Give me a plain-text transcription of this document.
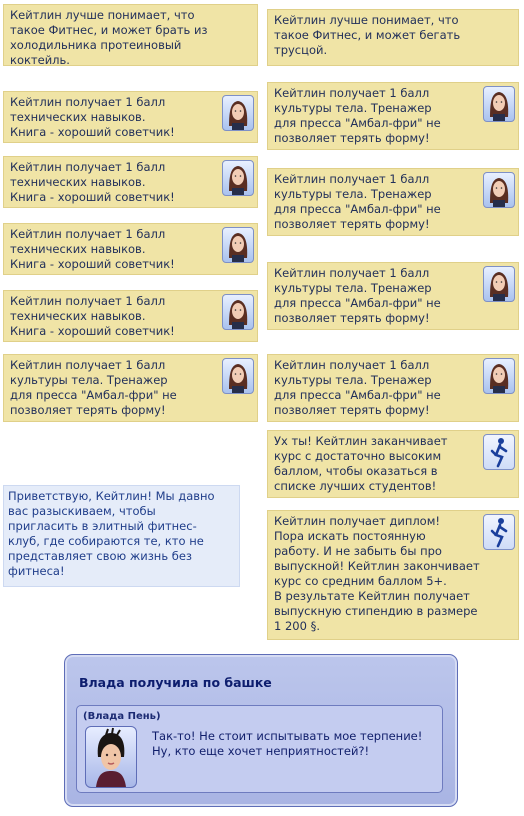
Кейтлин лучше понимает, что
такое Фитнес, и может брать из
холодильника протеиновый
коктейль.
Кейтлин получает 1 балл
технических навыков.
Книга - хороший советчик!
Кейтлин получает 1 балл
технических навыков.
Книга - хороший советчик!
Кейтлин получает 1 балл
технических навыков.
Книга - хороший советчик!
Кейтлин получает 1 балл
технических навыков.
Книга - хороший советчик!
Кейтлин получает 1 балл
культуры тела. Тренажер
для пресса "Амбал-фри" не
позволяет терять форму!
Приветствую, Кейтлин! Мы давно
вас разыскиваем, чтобы
пригласить в элитный фитнес-
клуб, где собираются те, кто не
представляет свою жизнь без
фитнеса!
Кейтлин лучше понимает, что
такое Фитнес, и может бегать
трусцой.
Кейтлин получает 1 балл
культуры тела. Тренажер
для пресса "Амбал-фри" не
позволяет терять форму!
Кейтлин получает 1 балл
культуры тела. Тренажер
для пресса "Амбал-фри" не
позволяет терять форму!
Кейтлин получает 1 балл
культуры тела. Тренажер
для пресса "Амбал-фри" не
позволяет терять форму!
Кейтлин получает 1 балл
культуры тела. Тренажер
для пресса "Амбал-фри" не
позволяет терять форму!
Ух ты! Кейтлин заканчивает
курс с достаточно высоким
баллом, чтобы оказаться в
списке лучших студентов!
Кейтлин получает диплом!
Пора искать постоянную
работу. И не забыть бы про
выпускной! Кейтлин закончивает
курс со средним баллом 5+.
В результате Кейтлин получает
выпускную стипендию в размере
1 200 §.
Влада получила по башке
(Влада Пень)
Так-то! Не стоит испытывать мое терпение!
Ну, кто еще хочет неприятностей?!
